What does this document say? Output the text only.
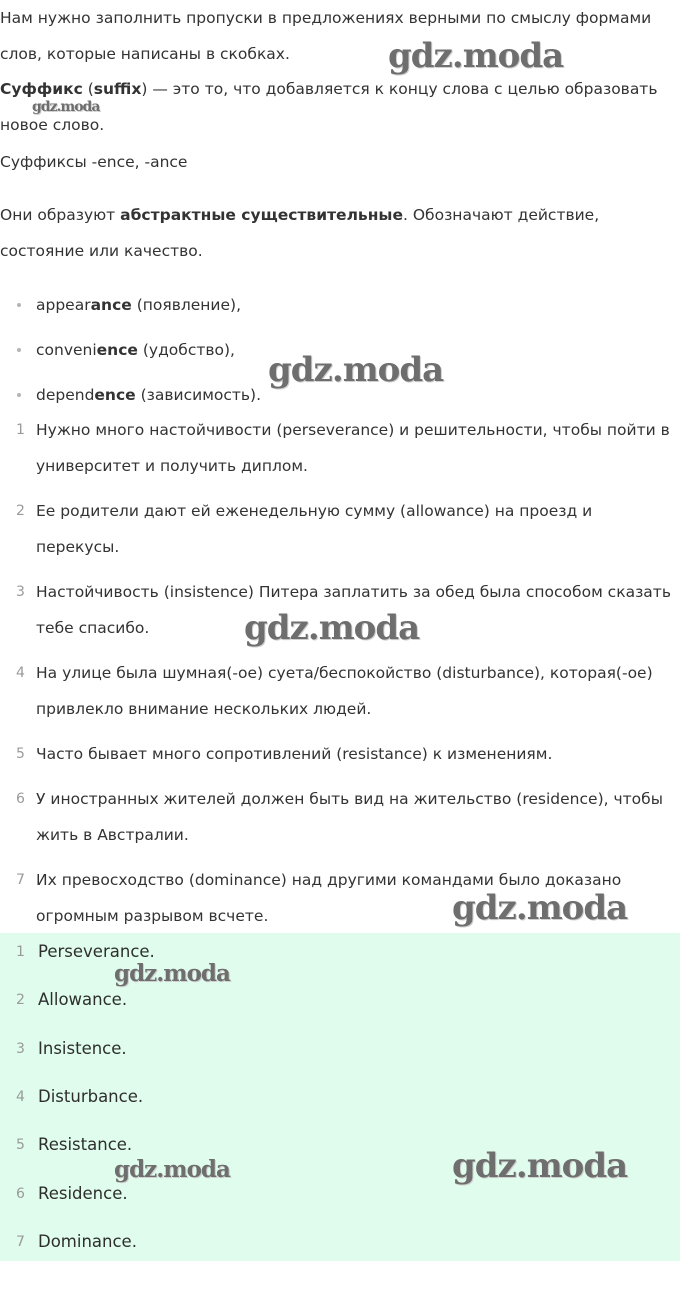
Нам нужно заполнить пропуски в предложениях верными по смыслу формами слов, которые написаны в скобках.

Суффикс (suffix) — это то, что добавляется к концу слова с целью образовать новое слово.

Суффиксы -ence, -ance

Они образуют абстрактные существительные. Обозначают действие, состояние или качество.

appearance (появление),
convenience (удобство),
dependence (зависимость).
1 Нужно много настойчивости (perseverance) и решительности, чтобы пойти в университет и получить диплом.

2 Ее родители дают ей еженедельную сумму (allowance) на проезд и перекусы.

3 Настойчивость (insistence) Питера заплатить за обед была способом сказать тебе спасибо.

4 На улице была шумная(-ое) суета/беспокойство (disturbance), которая(-ое) привлекло внимание нескольких людей.

5 Часто бывает много сопротивлений (resistance) к изменениям.

6 У иностранных жителей должен быть вид на жительство (residence), чтобы жить в Австралии.

7 Их превосходство (dominance) над другими командами было доказано огромным разрывом всчете.

1 Perseverance.
2 Allowance.
3 Insistence.
4 Disturbance.
5 Resistance.
6 Residence.
7 Dominance.
gdz.moda
gdz.moda
gdz.moda
gdz.moda
gdz.moda
gdz.moda
gdz.moda	gdz.moda
